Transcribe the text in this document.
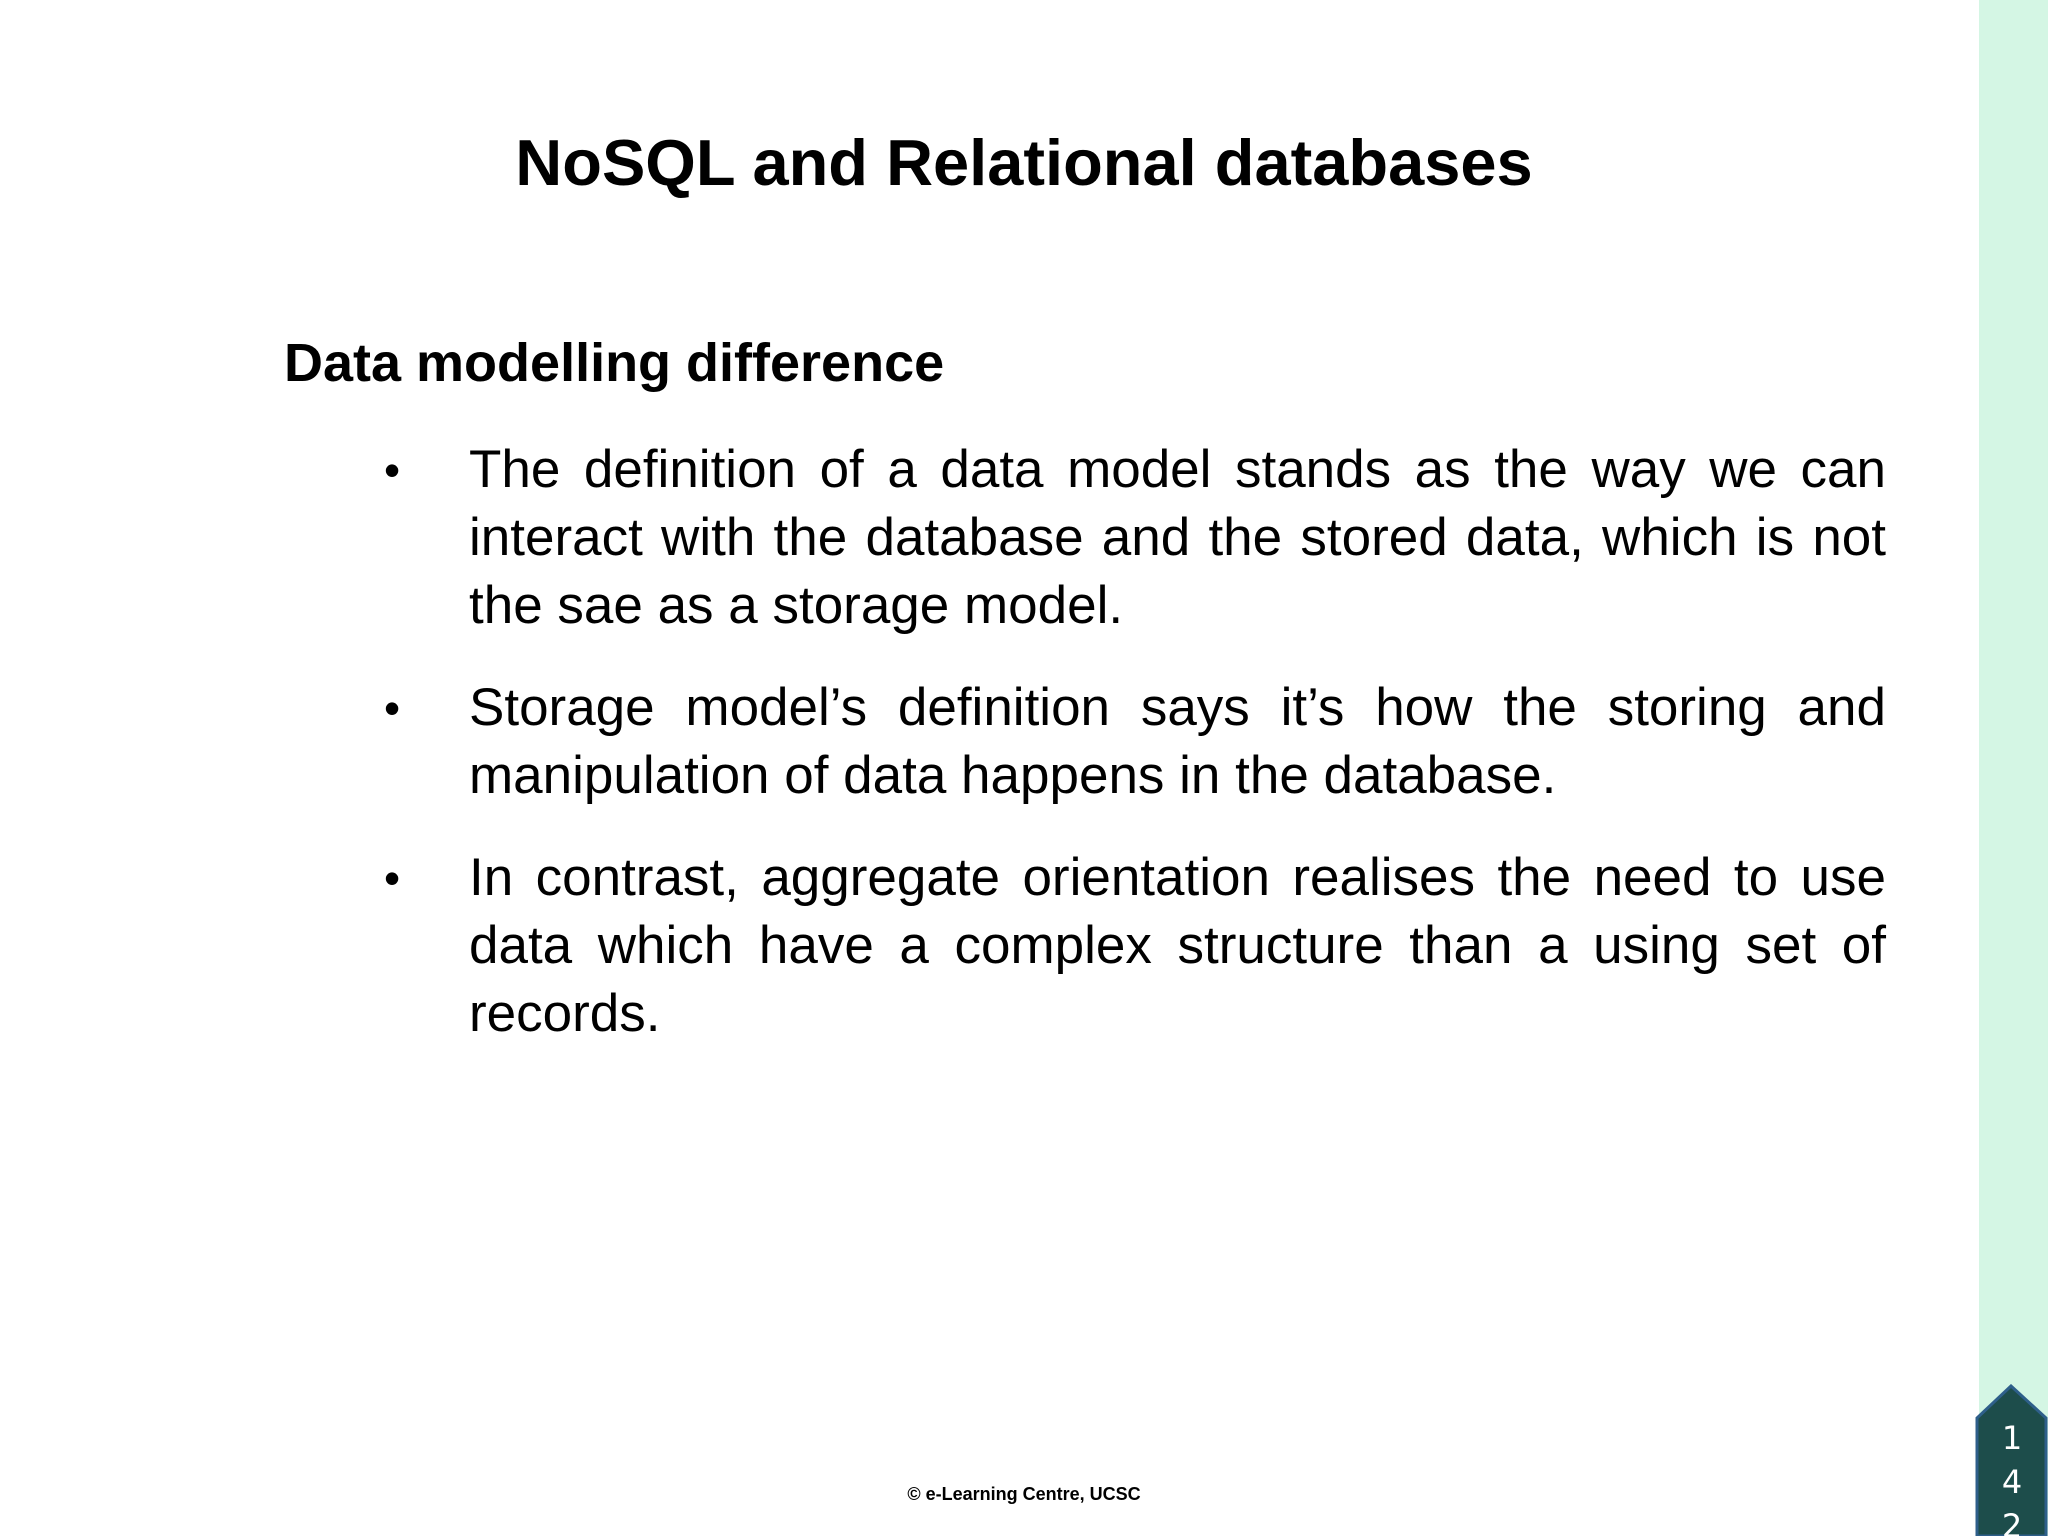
NoSQL and Relational databases
Data modelling difference
•	The definition of a data model stands as the way we can interact with the database and the stored data, which is not the sae as a storage model.
•	Storage model’s definition says it’s how the storing and manipulation of data happens in the database.
•	In contrast, aggregate orientation realises the need to use data which have a complex structure than a using set of records.
© e-Learning Centre, UCSC
142
